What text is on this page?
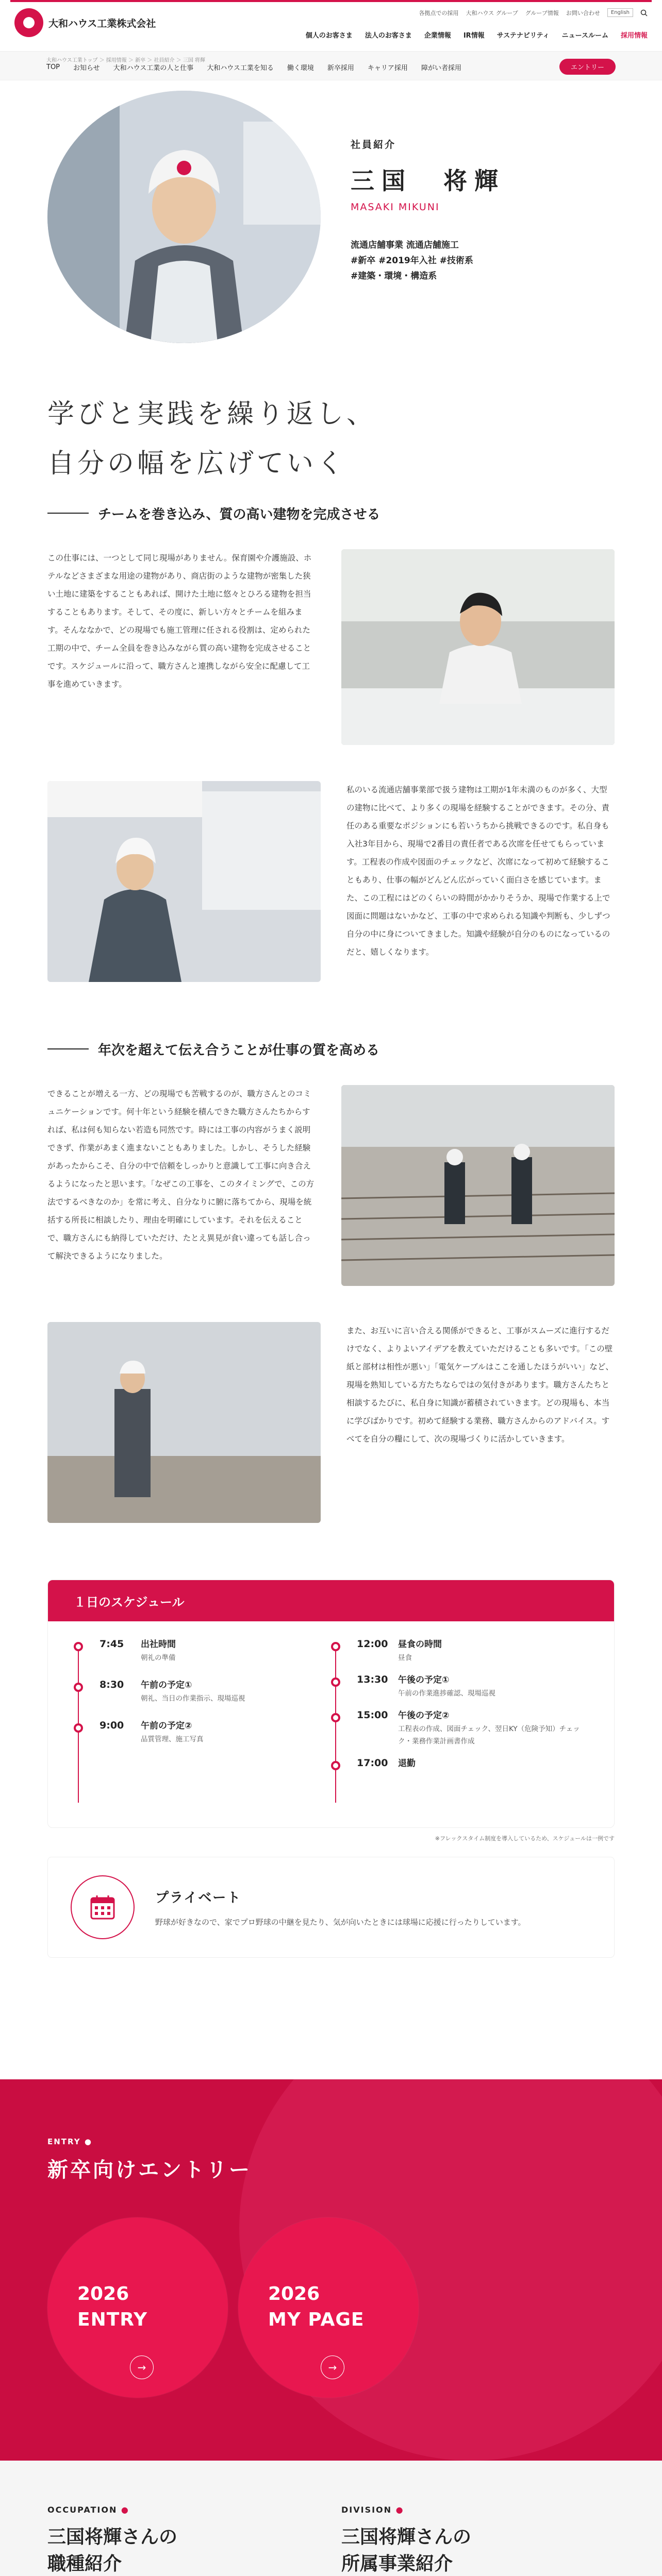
大和ハウス工業株式会社
各拠点での採用 大和ハウス グループ グループ情報 お問い合わせ	English
個人のお客さま 法人のお客さま 企業情報 IR情報 サステナビリティ ニュースルーム 採用情報
大和ハウス工業トップ ＞ 採用情報 ＞ 新卒 ＞ 社員紹介 ＞ 三国 将輝
TOP お知らせ 大和ハウス工業の人と仕事 大和ハウス工業を知る 働く環境 新卒採用 キャリア採用 障がい者採用	エントリー
社員紹介
三国　将輝
MASAKI MIKUNI
流通店舗事業 流通店舗施工
#新卒 #2019年入社 #技術系
#建築・環境・構造系
学びと実践を繰り返し、
自分の幅を広げていく
チームを巻き込み、質の高い建物を完成させる

この仕事には、一つとして同じ現場がありません。保育園や介護施設、ホテルなどさまざまな用途の建物があり、商店街のような建物が密集した狭い土地に建築をすることもあれば、開けた土地に悠々とひろる建物を担当することもあります。そして、その度に、新しい方々とチームを組みます。そんななかで、どの現場でも施工管理に任される役割は、定められた工期の中で、チーム全員を巻き込みながら質の高い建物を完成させることです。スケジュールに沿って、職方さんと連携しながら安全に配慮して工事を進めていきます。

私のいる流通店舗事業部で扱う建物は工期が1年未満のものが多く、大型の建物に比べて、より多くの現場を経験することができます。その分、責任のある重要なポジションにも若いうちから挑戦できるのです。私自身も入社3年目から、現場で2番目の責任者である次席を任せてもらっています。工程表の作成や図面のチェックなど、次席になって初めて経験することもあり、仕事の幅がどんどん広がっていく面白さを感じています。また、この工程にはどのくらいの時間がかかりそうか、現場で作業する上で図面に問題はないかなど、工事の中で求められる知識や判断も、少しずつ自分の中に身についてきました。知識や経験が自分のものになっているのだと、嬉しくなります。

年次を超えて伝え合うことが仕事の質を高める

できることが増える一方、どの現場でも苦戦するのが、職方さんとのコミュニケーションです。何十年という経験を積んできた職方さんたちからすれば、私は何も知らない若造も同然です。時には工事の内容がうまく説明できず、作業があまく進まないこともありました。しかし、そうした経験があったからこそ、自分の中で信頼をしっかりと意識して工事に向き合えるようになったと思います。「なぜこの工事を、このタイミングで、この方法でするべきなのか」を常に考え、自分なりに腑に落ちてから、現場を統括する所長に相談したり、理由を明確にしています。それを伝えることで、職方さんにも納得していただけ、たとえ異見が食い違っても話し合って解決できるようになりました。

また、お互いに言い合える関係ができると、工事がスムーズに進行するだけでなく、よりよいアイデアを教えていただけることも多いです。「この壁紙と部材は相性が悪い」「電気ケーブルはここを通したほうがいい」など、現場を熟知している方たちならではの気付きがあります。職方さんたちと相談するたびに、私自身に知識が蓄積されていきます。どの現場も、本当に学びばかりです。初めて経験する業務、職方さんからのアドバイス。すべてを自分の糧にして、次の現場づくりに活かしていきます。

１日のスケジュール
7:45 出社時間
朝礼の準備
8:30 午前の予定①
朝礼、当日の作業指示、現場巡視
9:00 午前の予定②
品質管理、施工写真
12:00 昼食の時間
昼食
13:30 午後の予定①
午前の作業進捗確認、現場巡視
15:00 午後の予定②
工程表の作成、図面チェック、翌日KY（危険予知）チェック・業務作業計画書作成
17:00 退勤
※フレックスタイム制度を導入しているため、スケジュールは一例です
プライベート
野球が好きなので、家でプロ野球の中継を見たり、気が向いたときには球場に応援に行ったりしています。
ENTRY ●
新卒向けエントリー
2026
ENTRY
→
2026
MY PAGE
→
OCCUPATION ●
三国将輝さんの
職種紹介
DIVISION ●
三国将輝さんの
所属事業紹介
